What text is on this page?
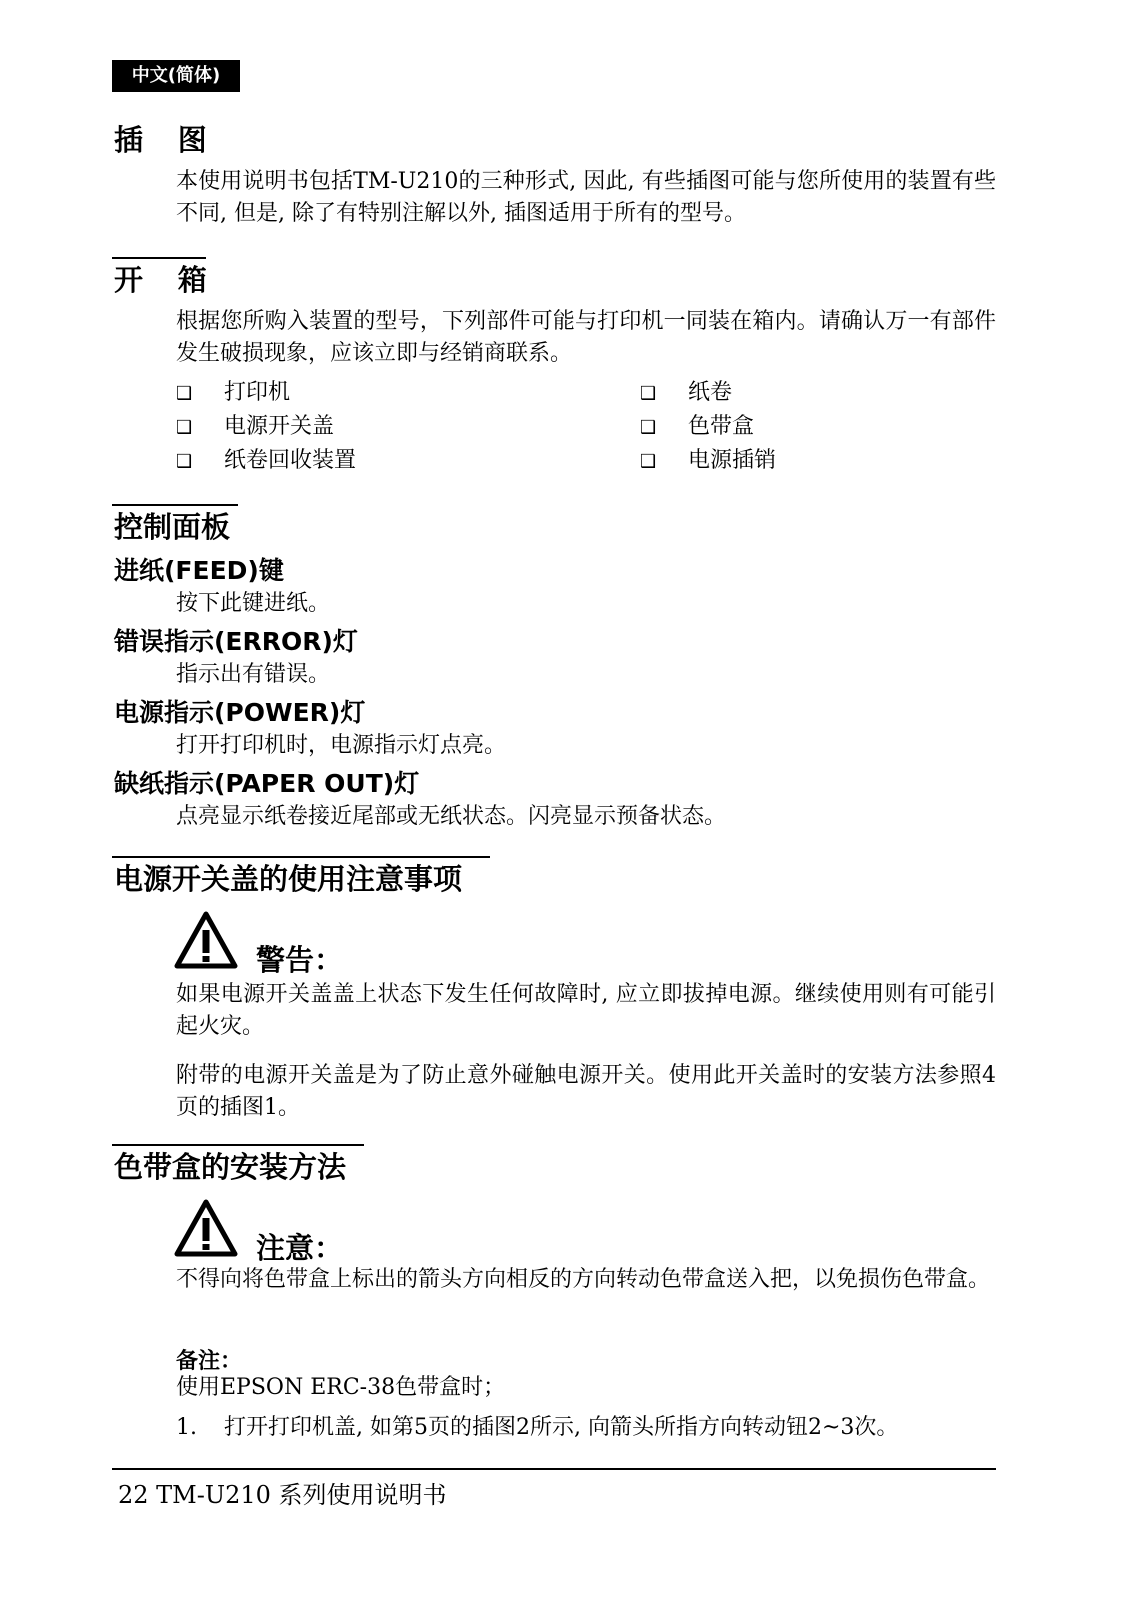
中文(简体)
插　图
本使用说明书包括TM-U210的三种形式, 因此, 有些插图可能与您所使用的装置有些不同, 但是, 除了有特别注解以外, 插图适用于所有的型号。
开　箱
根据您所购入装置的型号，下列部件可能与打印机一同装在箱内。请确认万一有部件发生破损现象，应该立即与经销商联系。
❑ 打印机	❑ 纸卷
❑ 电源开关盖	❑ 色带盒
❑ 纸卷回收装置	❑ 电源插销
控制面板
进纸(FEED)键
按下此键进纸。
错误指示(ERROR)灯
指示出有错误。
电源指示(POWER)灯
打开打印机时，电源指示灯点亮。
缺纸指示(PAPER OUT)灯
点亮显示纸卷接近尾部或无纸状态。闪亮显示预备状态。
电源开关盖的使用注意事项
警告：
如果电源开关盖盖上状态下发生任何故障时, 应立即拔掉电源。继续使用则有可能引起火灾。
附带的电源开关盖是为了防止意外碰触电源开关。使用此开关盖时的安装方法参照4页的插图1。
色带盒的安装方法
注意：
不得向将色带盒上标出的箭头方向相反的方向转动色带盒送入把，以免损伤色带盒。
备注：
使用EPSON ERC-38色带盒时；
1. 打开打印机盖, 如第5页的插图2所示, 向箭头所指方向转动钮2~3次。
22 TM-U210 系列使用说明书
